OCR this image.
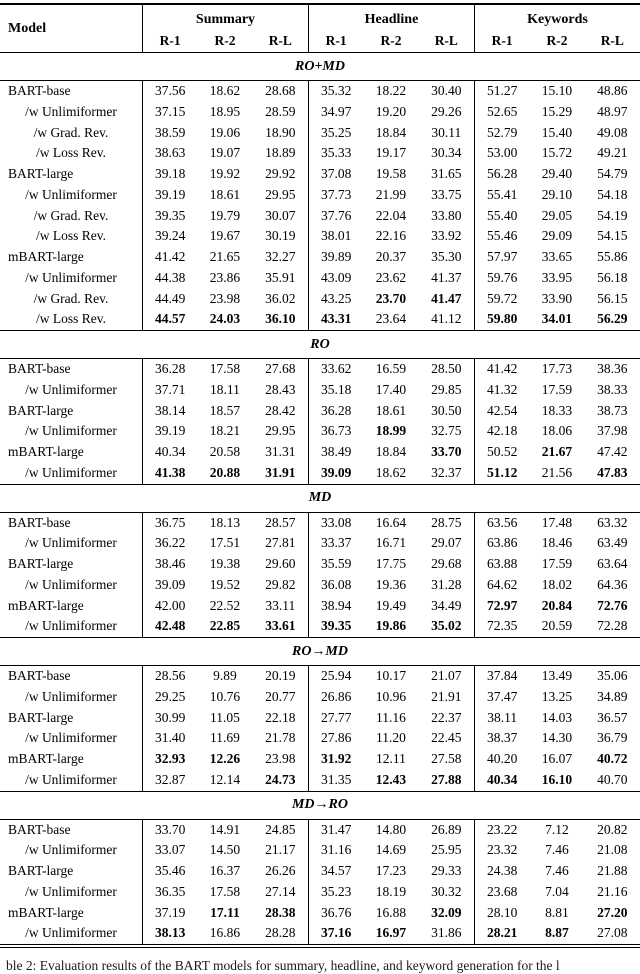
Model
Summary
R-1	R-2	R-L
Headline
R-1	R-2	R-L
Keywords
R-1	R-2	R-L
RO+MD
BART-base	37.56	18.62	28.68	35.32	18.22	30.40	51.27	15.10	48.86
/w Unlimiformer	37.15	18.95	28.59	34.97	19.20	29.26	52.65	15.29	48.97
/w Grad. Rev.	38.59	19.06	18.90	35.25	18.84	30.11	52.79	15.40	49.08
/w Loss Rev.	38.63	19.07	18.89	35.33	19.17	30.34	53.00	15.72	49.21
BART-large	39.18	19.92	29.92	37.08	19.58	31.65	56.28	29.40	54.79
/w Unlimiformer	39.19	18.61	29.95	37.73	21.99	33.75	55.41	29.10	54.18
/w Grad. Rev.	39.35	19.79	30.07	37.76	22.04	33.80	55.40	29.05	54.19
/w Loss Rev.	39.24	19.67	30.19	38.01	22.16	33.92	55.46	29.09	54.15
mBART-large	41.42	21.65	32.27	39.89	20.37	35.30	57.97	33.65	55.86
/w Unlimiformer	44.38	23.86	35.91	43.09	23.62	41.37	59.76	33.95	56.18
/w Grad. Rev.	44.49	23.98	36.02	43.25	23.70	41.47	59.72	33.90	56.15
/w Loss Rev.	44.57	24.03	36.10	43.31	23.64	41.12	59.80	34.01	56.29
RO
BART-base	36.28	17.58	27.68	33.62	16.59	28.50	41.42	17.73	38.36
/w Unlimiformer	37.71	18.11	28.43	35.18	17.40	29.85	41.32	17.59	38.33
BART-large	38.14	18.57	28.42	36.28	18.61	30.50	42.54	18.33	38.73
/w Unlimiformer	39.19	18.21	29.95	36.73	18.99	32.75	42.18	18.06	37.98
mBART-large	40.34	20.58	31.31	38.49	18.84	33.70	50.52	21.67	47.42
/w Unlimiformer	41.38	20.88	31.91	39.09	18.62	32.37	51.12	21.56	47.83
MD
BART-base	36.75	18.13	28.57	33.08	16.64	28.75	63.56	17.48	63.32
/w Unlimiformer	36.22	17.51	27.81	33.37	16.71	29.07	63.86	18.46	63.49
BART-large	38.46	19.38	29.60	35.59	17.75	29.68	63.88	17.59	63.64
/w Unlimiformer	39.09	19.52	29.82	36.08	19.36	31.28	64.62	18.02	64.36
mBART-large	42.00	22.52	33.11	38.94	19.49	34.49	72.97	20.84	72.76
/w Unlimiformer	42.48	22.85	33.61	39.35	19.86	35.02	72.35	20.59	72.28
RO→MD
BART-base	28.56	9.89	20.19	25.94	10.17	21.07	37.84	13.49	35.06
/w Unlimiformer	29.25	10.76	20.77	26.86	10.96	21.91	37.47	13.25	34.89
BART-large	30.99	11.05	22.18	27.77	11.16	22.37	38.11	14.03	36.57
/w Unlimiformer	31.40	11.69	21.78	27.86	11.20	22.45	38.37	14.30	36.79
mBART-large	32.93	12.26	23.98	31.92	12.11	27.58	40.20	16.07	40.72
/w Unlimiformer	32.87	12.14	24.73	31.35	12.43	27.88	40.34	16.10	40.70
MD→RO
BART-base	33.70	14.91	24.85	31.47	14.80	26.89	23.22	7.12	20.82
/w Unlimiformer	33.07	14.50	21.17	31.16	14.69	25.95	23.32	7.46	21.08
BART-large	35.46	16.37	26.26	34.57	17.23	29.33	24.38	7.46	21.88
/w Unlimiformer	36.35	17.58	27.14	35.23	18.19	30.32	23.68	7.04	21.16
mBART-large	37.19	17.11	28.38	36.76	16.88	32.09	28.10	8.81	27.20
/w Unlimiformer	38.13	16.86	28.28	37.16	16.97	31.86	28.21	8.87	27.08
ble 2: Evaluation results of the BART models for summary, headline, and keyword generation for the l
